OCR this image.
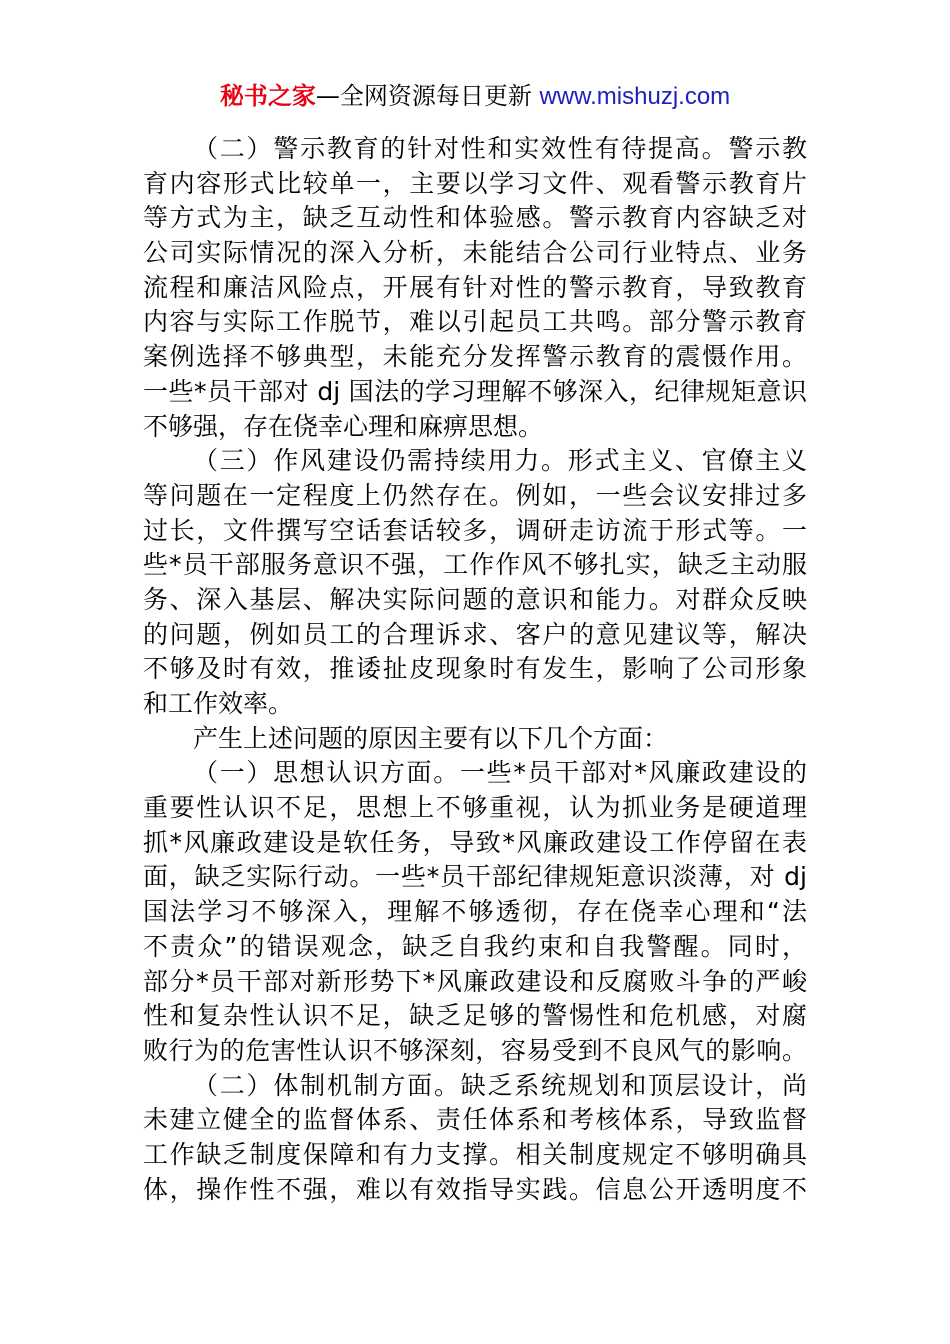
秘书之家—全网资源每日更新 www.mishuzj.com
（二）警示教育的针对性和实效性有待提高。警示教
育内容形式比较单一，主要以学习文件、观看警示教育片
等方式为主，缺乏互动性和体验感。警示教育内容缺乏对
公司实际情况的深入分析，未能结合公司行业特点、业务
流程和廉洁风险点，开展有针对性的警示教育，导致教育
内容与实际工作脱节，难以引起员工共鸣。部分警示教育
案例选择不够典型，未能充分发挥警示教育的震慑作用。
一些*员干部对 dj 国法的学习理解不够深入，纪律规矩意识
不够强，存在侥幸心理和麻痹思想。
（三）作风建设仍需持续用力。形式主义、官僚主义
等问题在一定程度上仍然存在。例如，一些会议安排过多
过长，文件撰写空话套话较多，调研走访流于形式等。一
些*员干部服务意识不强，工作作风不够扎实，缺乏主动服
务、深入基层、解决实际问题的意识和能力。对群众反映
的问题，例如员工的合理诉求、客户的意见建议等，解决
不够及时有效，推诿扯皮现象时有发生，影响了公司形象
和工作效率。
产生上述问题的原因主要有以下几个方面：
（一）思想认识方面。一些*员干部对*风廉政建设的
重要性认识不足，思想上不够重视，认为抓业务是硬道理
抓*风廉政建设是软任务，导致*风廉政建设工作停留在表
面，缺乏实际行动。一些*员干部纪律规矩意识淡薄，对 dj
国法学习不够深入，理解不够透彻，存在侥幸心理和“法
不责众”的错误观念，缺乏自我约束和自我警醒。同时，
部分*员干部对新形势下*风廉政建设和反腐败斗争的严峻
性和复杂性认识不足，缺乏足够的警惕性和危机感，对腐
败行为的危害性认识不够深刻，容易受到不良风气的影响。
（二）体制机制方面。缺乏系统规划和顶层设计，尚
未建立健全的监督体系、责任体系和考核体系，导致监督
工作缺乏制度保障和有力支撑。相关制度规定不够明确具
体，操作性不强，难以有效指导实践。信息公开透明度不
